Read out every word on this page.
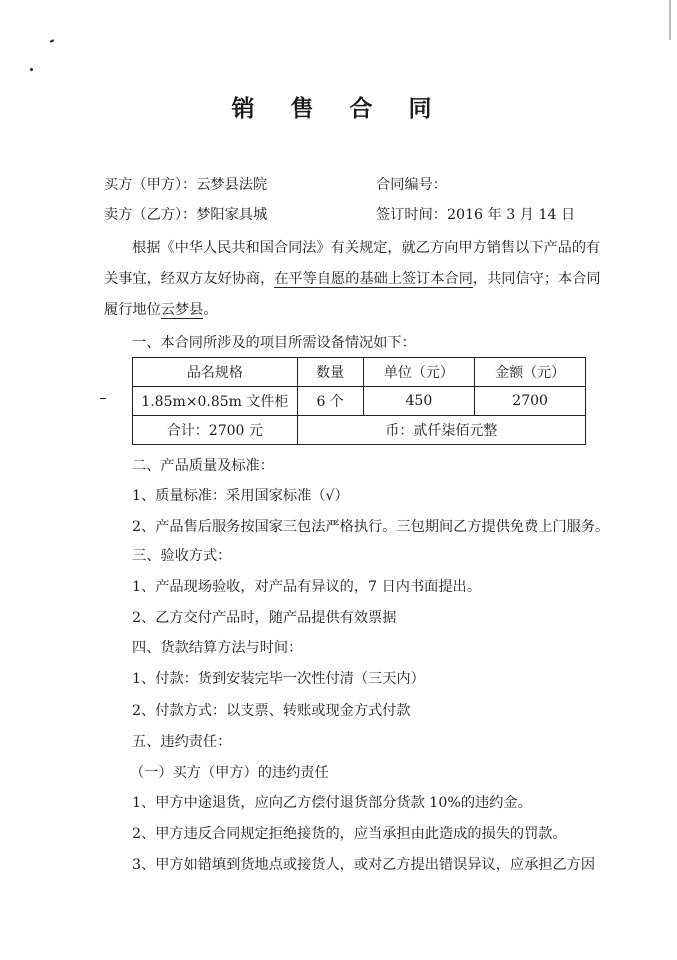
销 售 合 同
买方（甲方）：云梦县法院	合同编号：
卖方（乙方）：梦阳家具城	签订时间：2016 年 3 月 14 日
根据《中华人民共和国合同法》有关规定，就乙方向甲方销售以下产品的有
关事宜，经双方友好协商，在平等自愿的基础上签订本合同，共同信守；本合同
履行地位云梦县。
一、本合同所涉及的项目所需设备情况如下：
品名规格	数量	单位（元）	金额（元）
1.85m×0.85m 文件柜	6 个	450	2700
合计：2700 元	币：贰仟柒佰元整		
二、产品质量及标准：
1、质量标准：采用国家标准（√）
2、产品售后服务按国家三包法严格执行。三包期间乙方提供免费上门服务。
三、验收方式：
1、产品现场验收，对产品有异议的，7 日内书面提出。
2、乙方交付产品时，随产品提供有效票据
四、货款结算方法与时间：
1、付款：货到安装完毕一次性付清（三天内）
2、付款方式：以支票、转账或现金方式付款
五、违约责任：
（一）买方（甲方）的违约责任
1、甲方中途退货，应向乙方偿付退货部分货款 10%的违约金。
2、甲方违反合同规定拒绝接货的，应当承担由此造成的损失的罚款。
3、甲方如错填到货地点或接货人，或对乙方提出错误异议，应承担乙方因
